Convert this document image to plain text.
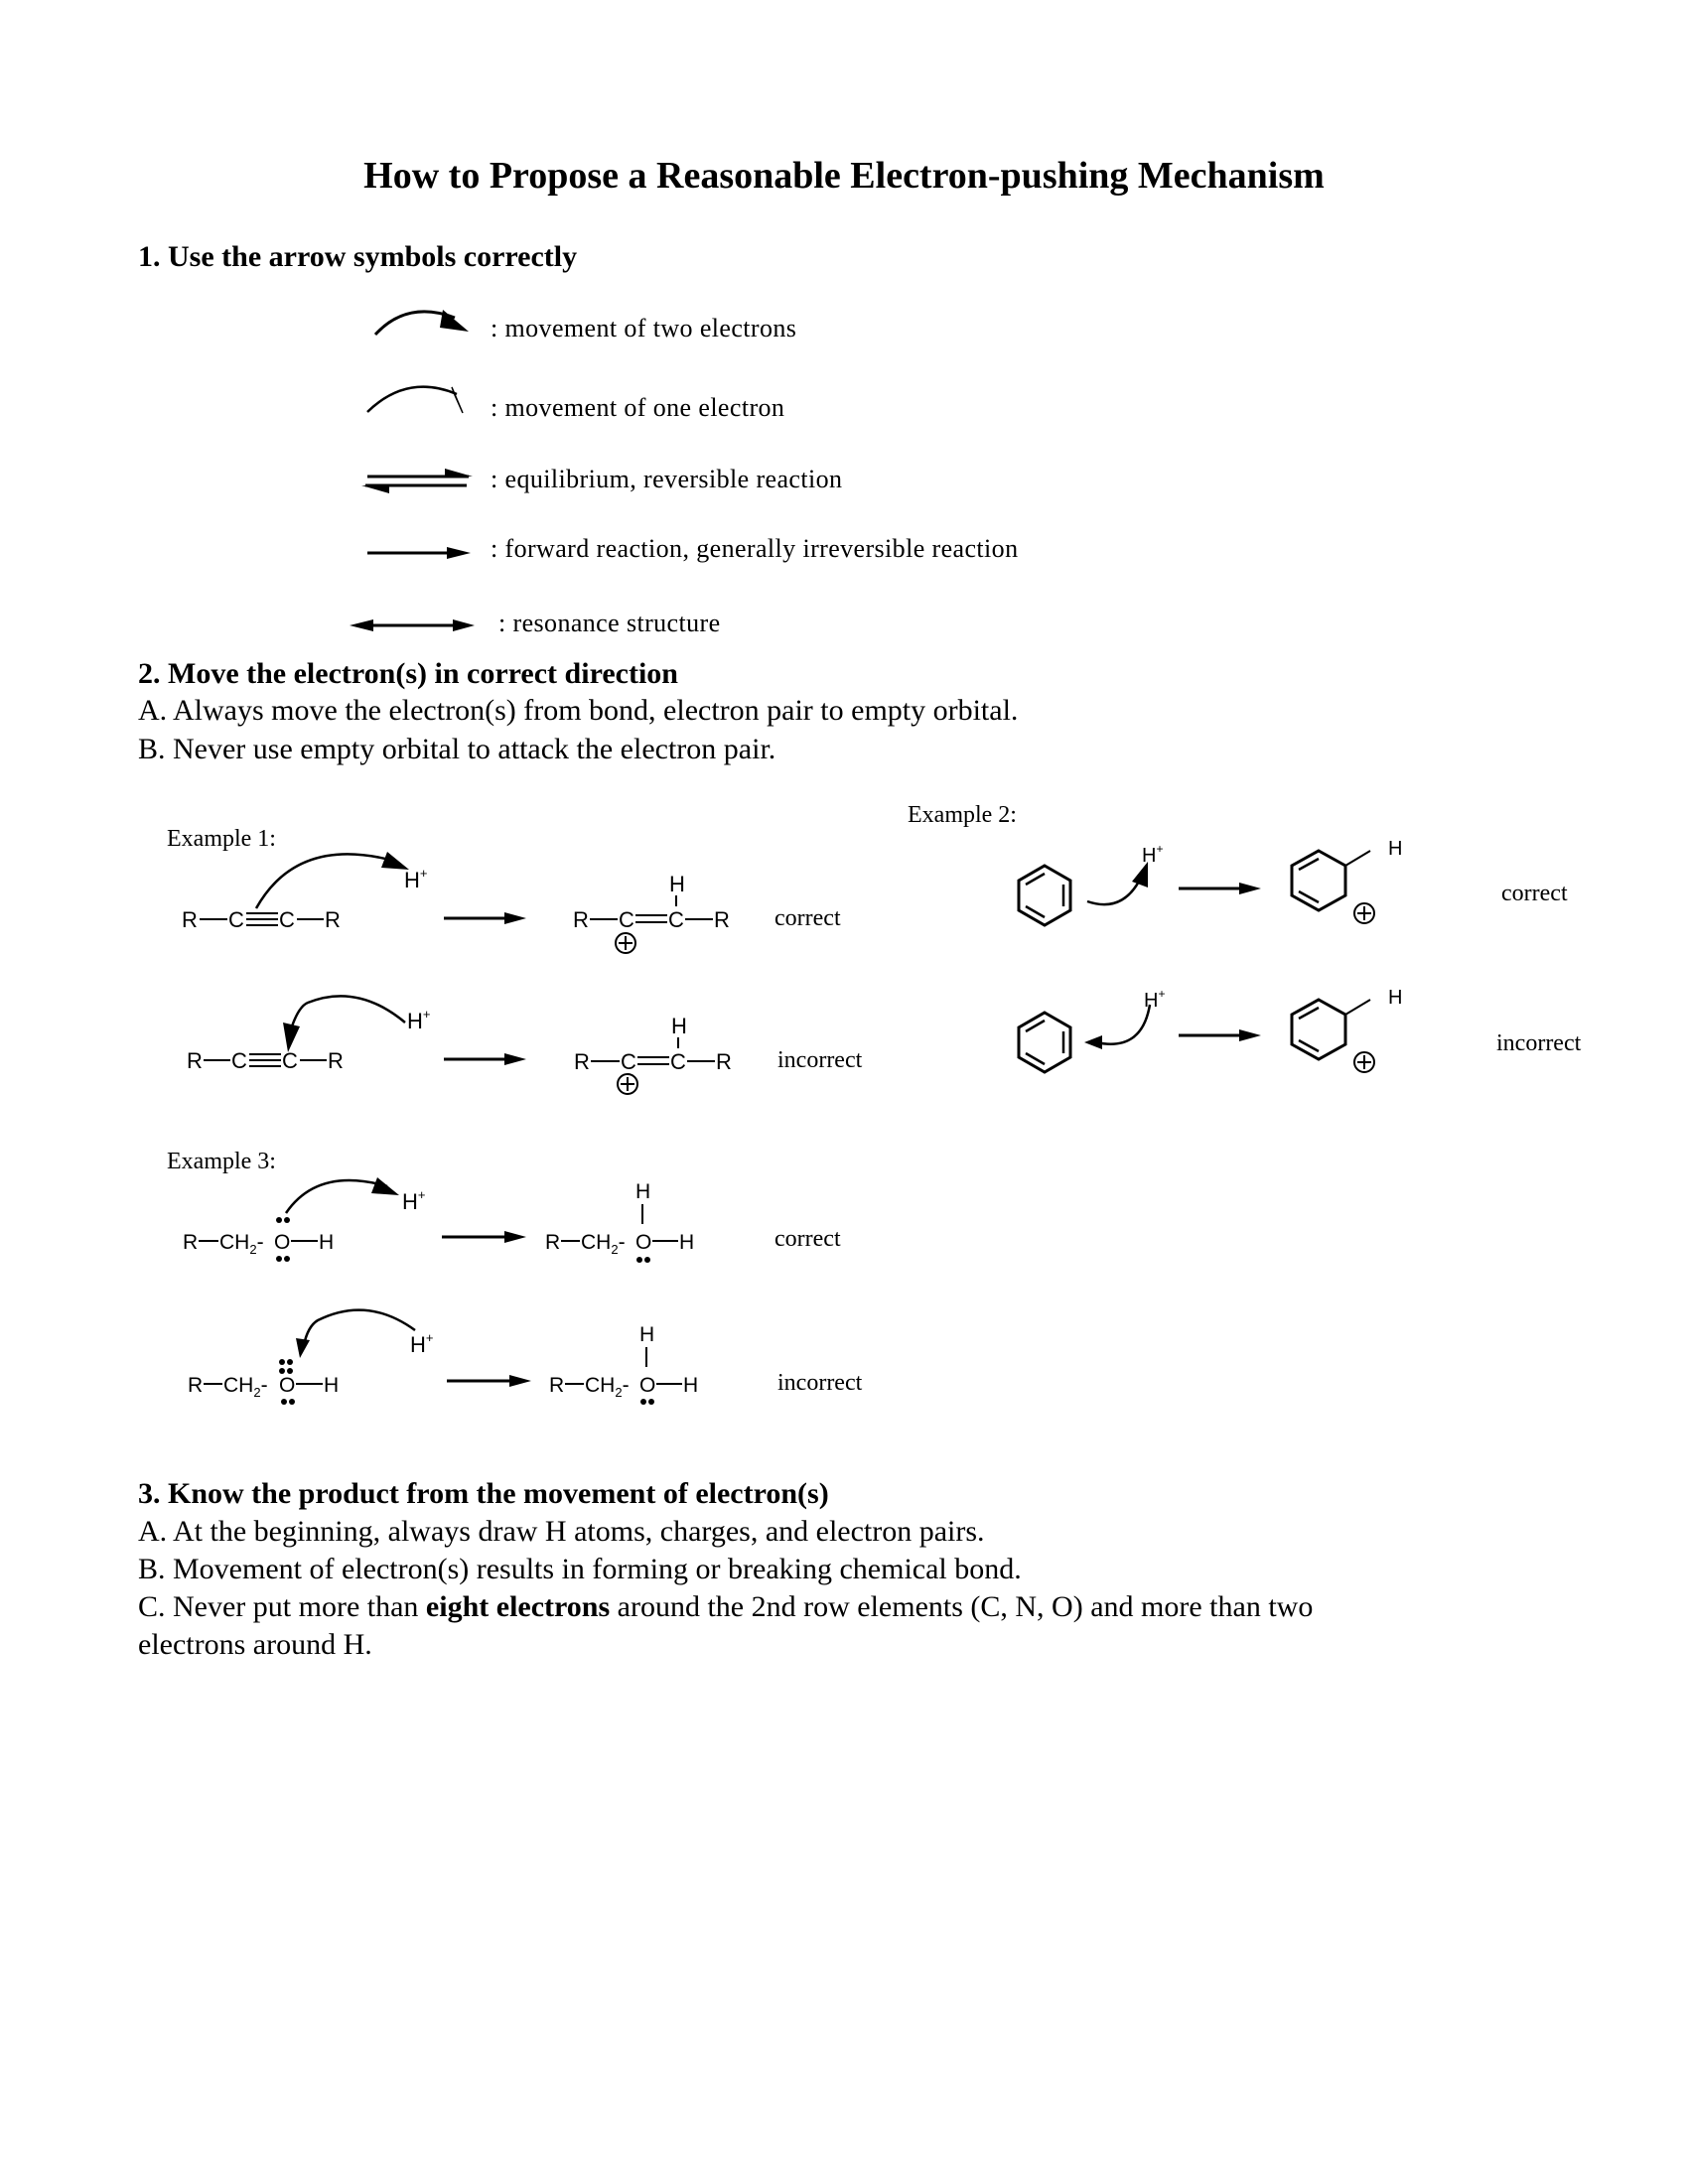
How to Propose a Reasonable Electron-pushing Mechanism
1. Use the arrow symbols correctly
: movement of two electrons
: movement of one electron
: equilibrium, reversible reaction
: forward reaction, generally irreversible reaction
: resonance structure
2. Move the electron(s) in correct direction
A. Always move the electron(s) from bond, electron pair to empty orbital.
B. Never use empty orbital to attack the electron pair.
Example 1:
Example 2:
Example 3:
correct
incorrect
correct
incorrect
correct
incorrect
3. Know the product from the movement of electron(s)
A. At the beginning, always draw H atoms, charges, and electron pairs.
B. Movement of electron(s) results in forming or breaking chemical bond.
C. Never put more than eight electrons around the 2nd row elements (C, N, O) and more than two
electrons around H.
R C C R
H+
R C C R
H
R C C R
H+
R C C R
H
H+	H
H+	H
R $CH_2-$ O H
H+
R $CH_2-$ O
H
H
R $CH_2-$ O H
H+
R $CH_2-$ O
H
H
